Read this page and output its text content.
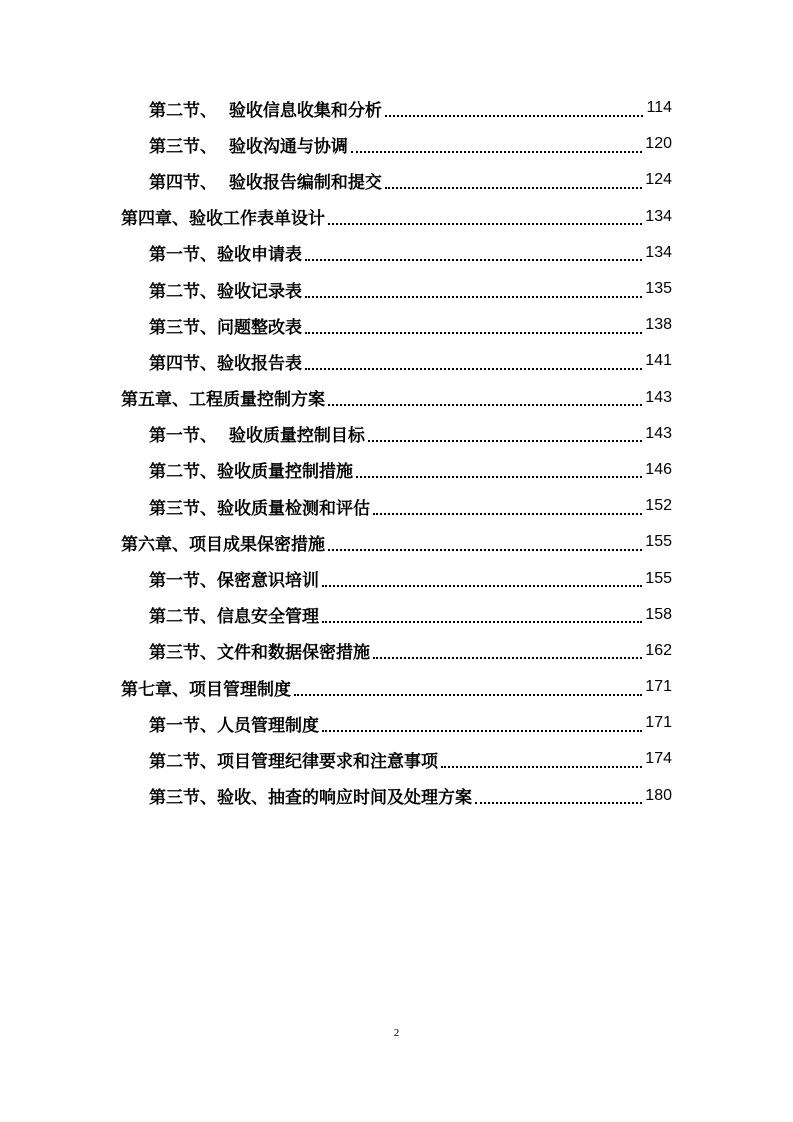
第二节、  验收信息收集和分析	114
第三节、  验收沟通与协调	120
第四节、  验收报告编制和提交	124
第四章、验收工作表单设计	134
第一节、验收申请表	134
第二节、验收记录表	135
第三节、问题整改表	138
第四节、验收报告表	141
第五章、工程质量控制方案	143
第一节、  验收质量控制目标	143
第二节、验收质量控制措施	146
第三节、验收质量检测和评估	152
第六章、项目成果保密措施	155
第一节、保密意识培训	155
第二节、信息安全管理	158
第三节、文件和数据保密措施	162
第七章、项目管理制度	171
第一节、人员管理制度	171
第二节、项目管理纪律要求和注意事项	174
第三节、验收、抽查的响应时间及处理方案	180
2
